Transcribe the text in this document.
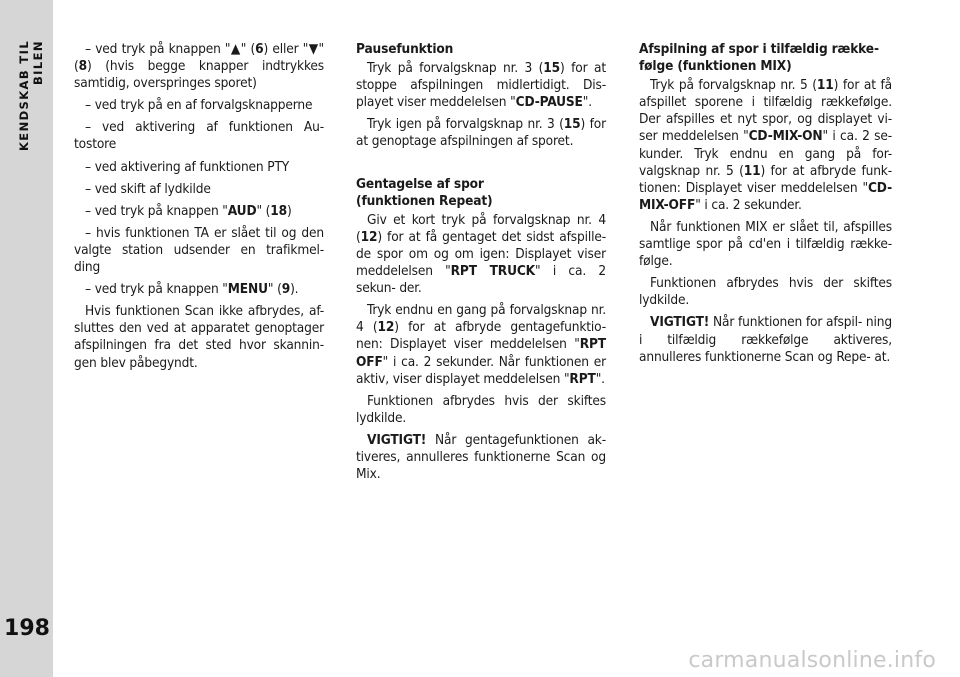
KENDSKAB TIL BILEN
198

– ved tryk på knappen "▲" (6) eller "▼" (8) (hvis begge knapper indtrykkes samtidig, overspringes sporet)

– ved tryk på en af forvalgsknapperne

– ved aktivering af funktionen Au- tostore

– ved aktivering af funktionen PTY

– ved skift af lydkilde

– ved tryk på knappen "AUD" (18)

– hvis funktionen TA er slået til og den valgte station udsender en trafikmel- ding

– ved tryk på knappen "MENU" (9).

Hvis funktionen Scan ikke afbrydes, af- sluttes den ved at apparatet genoptager afspilningen fra det sted hvor skannin- gen blev påbegyndt.

Pausefunktion

Tryk på forvalgsknap nr. 3 (15) for at stoppe afspilningen midlertidigt. Dis- playet viser meddelelsen "CD-PAUSE".

Tryk igen på forvalgsknap nr. 3 (15) for at genoptage afspilningen af sporet.

Gentagelse af spor
(funktionen Repeat)

Giv et kort tryk på forvalgsknap nr. 4 (12) for at få gentaget det sidst afspille- de spor om og om igen: Displayet viser meddelelsen "RPT TRUCK" i ca. 2 sekun- der.

Tryk endnu en gang på forvalgsknap nr. 4 (12) for at afbryde gentagefunktio- nen: Displayet viser meddelelsen "RPT OFF" i ca. 2 sekunder. Når funktionen er aktiv, viser displayet meddelelsen "RPT".

Funktionen afbrydes hvis der skiftes lydkilde.

VIGTIGT! Når gentagefunktionen ak- tiveres, annulleres funktionerne Scan og Mix.

Afspilning af spor i tilfældig række- følge (funktionen MIX)

Tryk på forvalgsknap nr. 5 (11) for at få afspillet sporene i tilfældig rækkefølge. Der afspilles et nyt spor, og displayet vi- ser meddelelsen "CD-MIX-ON" i ca. 2 se- kunder. Tryk endnu en gang på for- valgsknap nr. 5 (11) for at afbryde funk- tionen: Displayet viser meddelelsen "CD-MIX-OFF" i ca. 2 sekunder.

Når funktionen MIX er slået til, afspilles samtlige spor på cd'en i tilfældig række- følge.

Funktionen afbrydes hvis der skiftes lydkilde.

VIGTIGT! Når funktionen for afspil- ning i tilfældig rækkefølge aktiveres, annulleres funktionerne Scan og Repe- at.

carmanualsonline.info
